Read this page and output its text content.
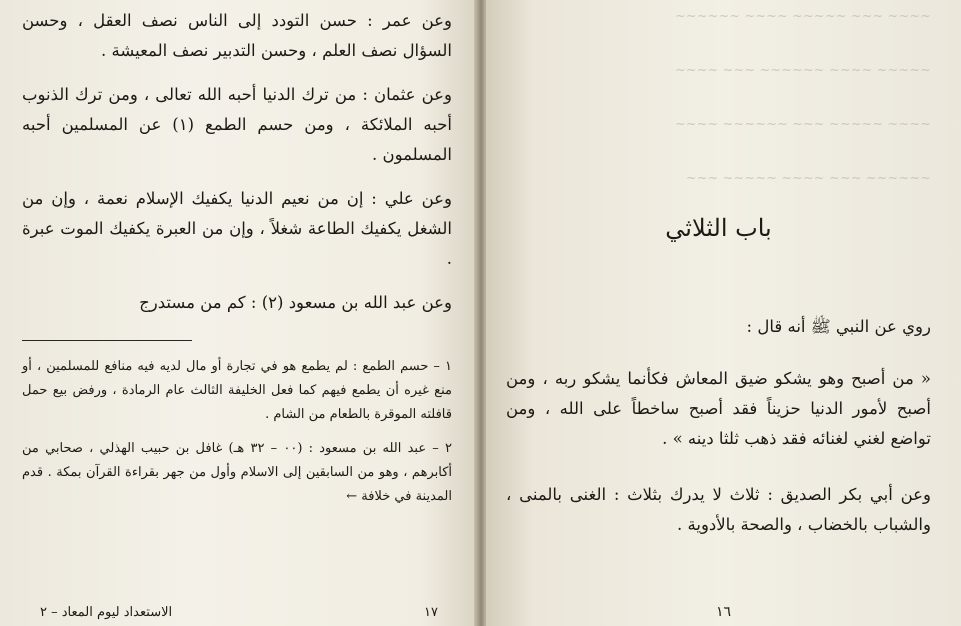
وعن عمر : حسن التودد إلى الناس نصف العقل ، وحسن السؤال نصف العلم ، وحسن التدبير نصف المعيشة .

وعن عثمان : من ترك الدنيا أحبه الله تعالى ، ومن ترك الذنوب أحبه الملائكة ، ومن حسم الطمع (١) عن المسلمين أحبه المسلمون .

وعن علي : إن من نعيم الدنيا يكفيك الإسلام نعمة ، وإن من الشغل يكفيك الطاعة شغلاً ، وإن من العبرة يكفيك الموت عبرة .

وعن عبد الله بن مسعود (٢) : كم من مستدرج

١ – حسم الطمع : لم يطمع هو في تجارة أو مال لديه فيه منافع للمسلمين ، أو منع غيره أن يطمع فيهم كما فعل الخليفة الثالث عام الرمادة ، ورفض بيع حمل قافلته الموقرة بالطعام من الشام .

٢ – عبد الله بن مسعود : (٠٠ – ٣٢ هـ) غافل بن حبيب الهذلي ، صحابي من أكابرهم ، وهو من السابقين إلى الاسلام وأول من جهر بقراءة القرآن بمكة . قدم المدينة في خلافة ←

١٧
الاستعداد ليوم المعاد – ٢
~~~~ ~~~ ~~~~~ ~~~~ ~~~~~~
~~~~~ ~~~~ ~~~~~~ ~~~ ~~~~
~~~~ ~~~~~ ~~~ ~~~~~~ ~~~~
~~~~~~ ~~~ ~~~~ ~~~~~ ~~~
باب الثلاثي

روي عن النبي ﷺ أنه قال :

« من أصبح وهو يشكو ضيق المعاش فكأنما يشكو ربه ، ومن أصبح لأمور الدنيا حزيناً فقد أصبح ساخطاً على الله ، ومن تواضع لغني لغنائه فقد ذهب ثلثا دينه » .

وعن أبي بكر الصديق : ثلاث لا يدرك بثلاث : الغنى بالمنى ، والشباب بالخضاب ، والصحة بالأدوية .

١٦
